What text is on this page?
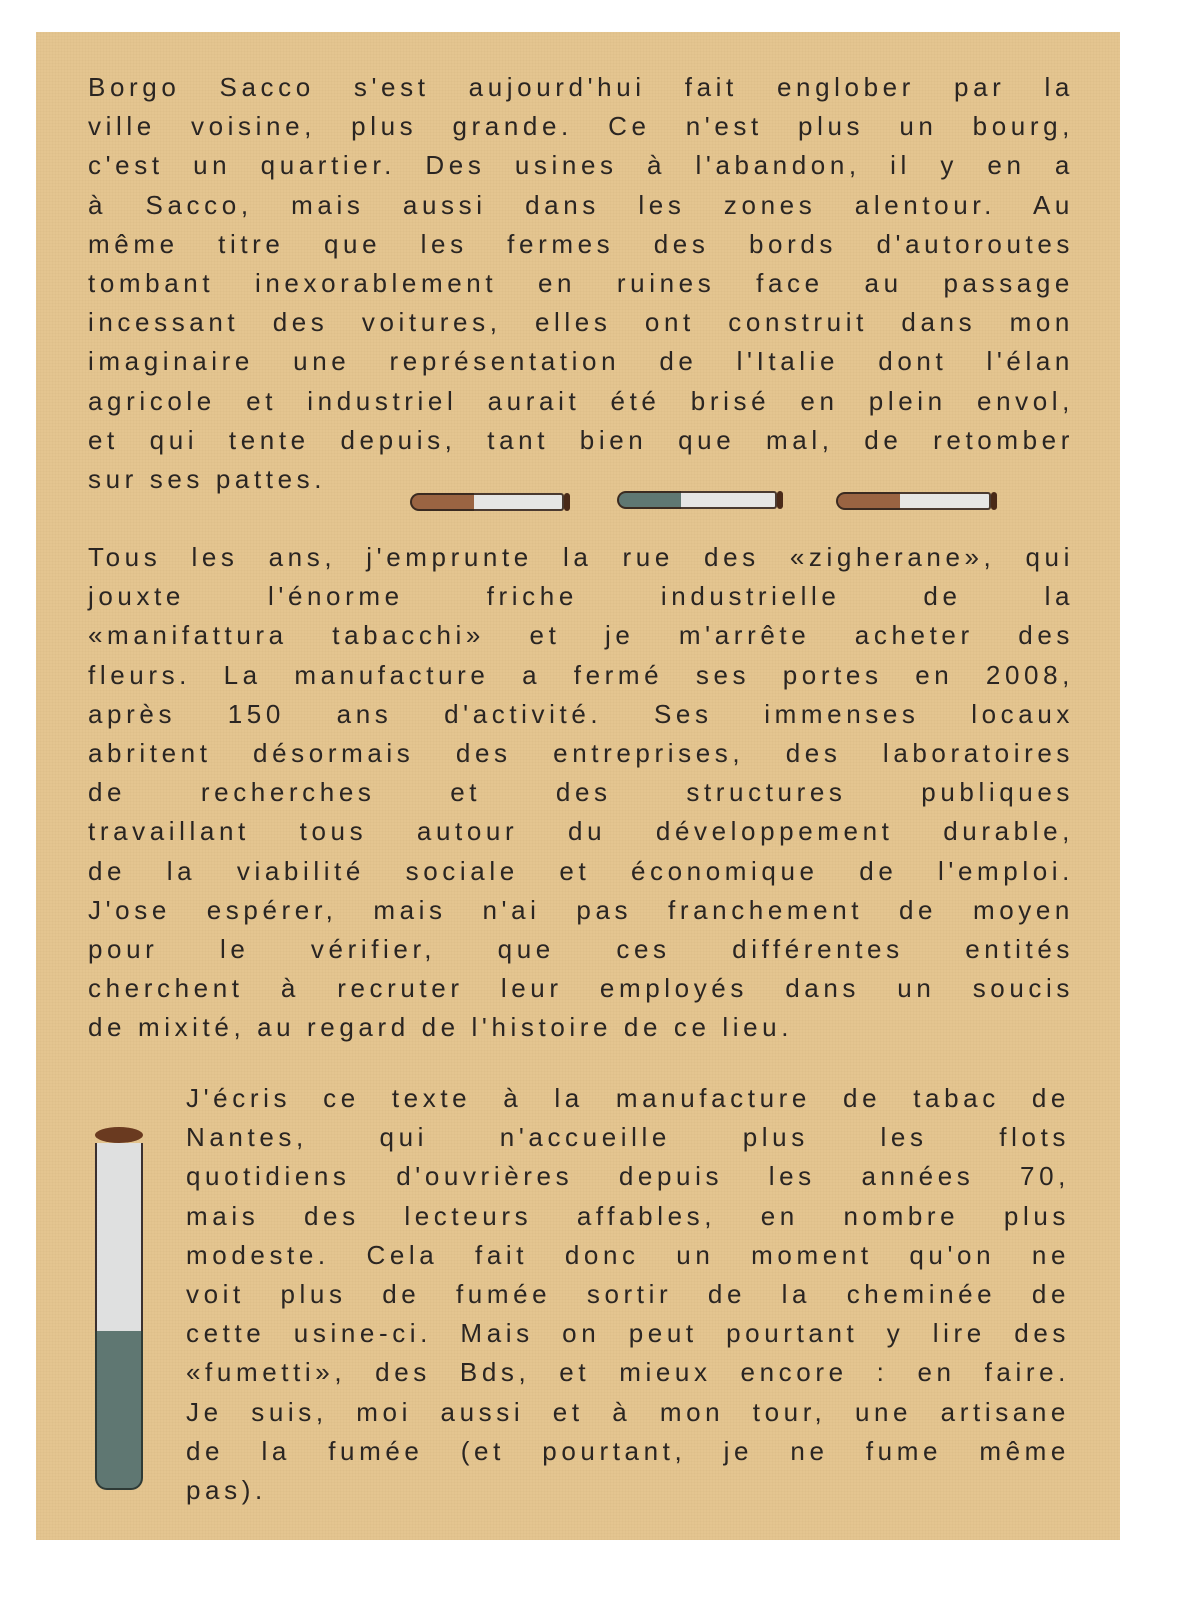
Borgo Sacco s'est aujourd'hui fait englober par la
ville voisine, plus grande. Ce n'est plus un bourg,
c'est un quartier. Des usines à l'abandon, il y en a
à Sacco, mais aussi dans les zones alentour. Au
même titre que les fermes des bords d'autoroutes
tombant inexorablement en ruines face au passage
incessant des voitures, elles ont construit dans mon
imaginaire une représentation de l'Italie dont l'élan
agricole et industriel aurait été brisé en plein envol,
et qui tente depuis, tant bien que mal, de retomber
sur ses pattes.
Tous les ans, j'emprunte la rue des «zigherane», qui
jouxte l'énorme friche industrielle de la
«manifattura tabacchi» et je m'arrête acheter des
fleurs. La manufacture a fermé ses portes en 2008,
après 150 ans d'activité. Ses immenses locaux
abritent désormais des entreprises, des laboratoires
de recherches et des structures publiques
travaillant tous autour du développement durable,
de la viabilité sociale et économique de l'emploi.
J'ose espérer, mais n'ai pas franchement de moyen
pour le vérifier, que ces différentes entités
cherchent à recruter leur employés dans un soucis
de mixité, au regard de l'histoire de ce lieu.
J'écris ce texte à la manufacture de tabac de
Nantes, qui n'accueille plus les flots
quotidiens d'ouvrières depuis les années 70,
mais des lecteurs affables, en nombre plus
modeste. Cela fait donc un moment qu'on ne
voit plus de fumée sortir de la cheminée de
cette usine-ci. Mais on peut pourtant y lire des
«fumetti», des Bds, et mieux encore : en faire.
Je suis, moi aussi et à mon tour, une artisane
de la fumée (et pourtant, je ne fume même
pas).
